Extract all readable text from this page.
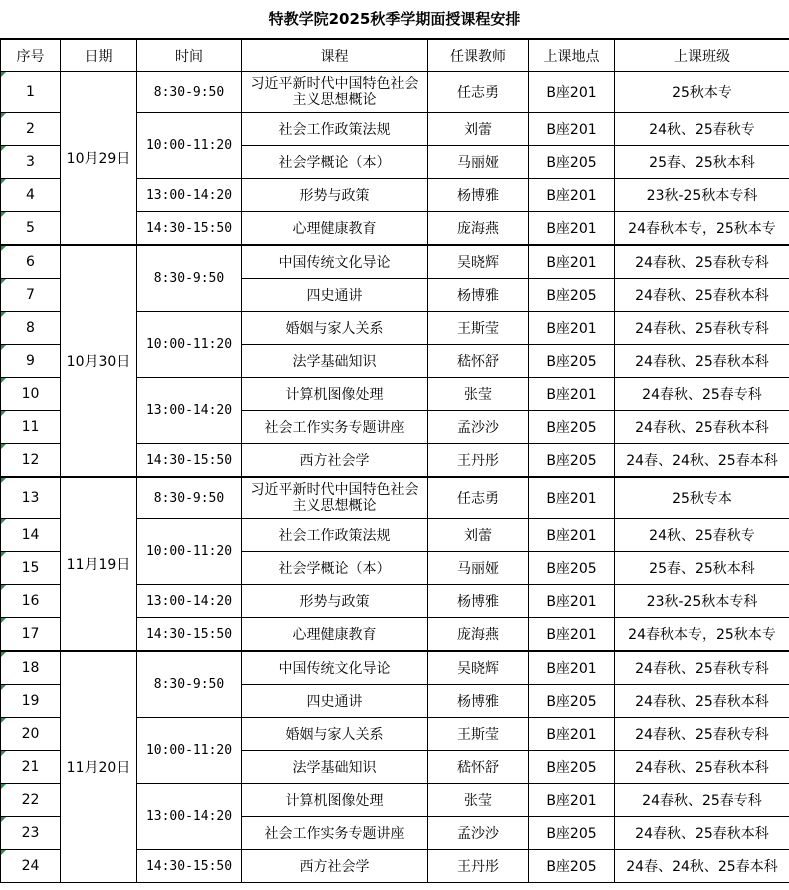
特教学院2025秋季学期面授课程安排
序号	日期	时间	课程	任课教师	上课地点	上课班级
1	10月29日	8:30-9:50	习近平新时代中国特色社会主义思想概论	任志勇	B座201	25秋本专
2		10:00-11:20	社会工作政策法规	刘蕾	B座201	24秋、25春秋专
3			社会学概论（本）	马丽娅	B座205	25春、25秋本科
4		13:00-14:20	形势与政策	杨博雅	B座201	23秋-25秋本专科
5		14:30-15:50	心理健康教育	庞海燕	B座201	24春秋本专，25秋本专
6	10月30日	8:30-9:50	中国传统文化导论	吴晓辉	B座201	24春秋、25春秋专科
7			四史通讲	杨博雅	B座205	24春秋、25春秋本科
8		10:00-11:20	婚姻与家人关系	王斯莹	B座201	24春秋、25春秋专科
9			法学基础知识	嵇怀舒	B座205	24春秋、25春秋本科
10		13:00-14:20	计算机图像处理	张莹	B座201	24春秋、25春专科
11			社会工作实务专题讲座	孟沙沙	B座205	24春秋、25春秋本科
12		14:30-15:50	西方社会学	王丹彤	B座205	24春、24秋、25春本科
13	11月19日	8:30-9:50	习近平新时代中国特色社会主义思想概论	任志勇	B座201	25秋专本
14		10:00-11:20	社会工作政策法规	刘蕾	B座201	24秋、25春秋专
15			社会学概论（本）	马丽娅	B座205	25春、25秋本科
16		13:00-14:20	形势与政策	杨博雅	B座201	23秋-25秋本专科
17		14:30-15:50	心理健康教育	庞海燕	B座201	24春秋本专，25秋本专
18	11月20日	8:30-9:50	中国传统文化导论	吴晓辉	B座201	24春秋、25春秋专科
19			四史通讲	杨博雅	B座205	24春秋、25春秋本科
20		10:00-11:20	婚姻与家人关系	王斯莹	B座201	24春秋、25春秋专科
21			法学基础知识	嵇怀舒	B座205	24春秋、25春秋本科
22		13:00-14:20	计算机图像处理	张莹	B座201	24春秋、25春专科
23			社会工作实务专题讲座	孟沙沙	B座205	24春秋、25春秋本科
24		14:30-15:50	西方社会学	王丹彤	B座205	24春、24秋、25春本科
